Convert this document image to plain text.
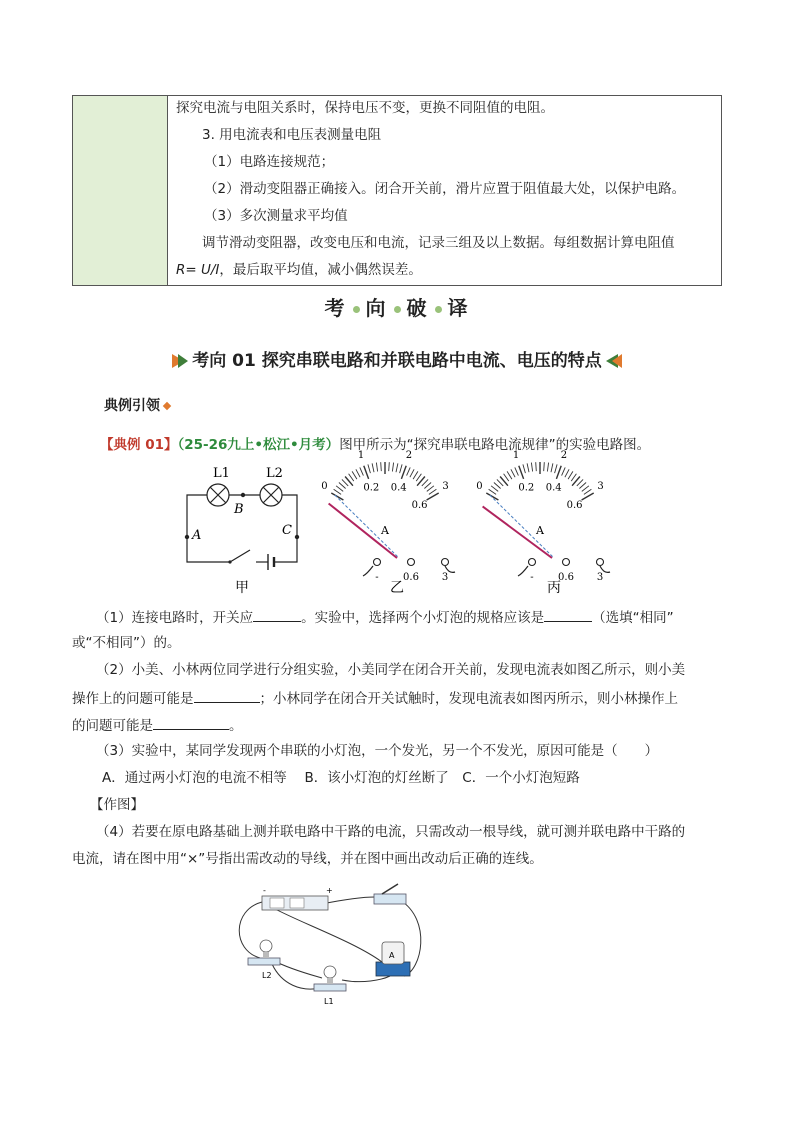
探究电流与电阻关系时，保持电压不变，更换不同阻值的电阻。
3. 用电流表和电压表测量电阻
（1）电路连接规范；
（2）滑动变阻器正确接入。闭合开关前，滑片应置于阻值最大处，以保护电路。
（3）多次测量求平均值
调节滑动变阻器，改变电压和电流，记录三组及以上数据。每组数据计算电阻值
R= U/I，最后取平均值，减小偶然误差。
考 向 破 译
考向 01 探究串联电路和并联电路中电流、电压的特点
典例引领
【典例 01】（25-26九上•松江•月考）图甲所示为“探究串联电路电流规律”的实验电路图。
L1	L2
B
A	C
甲
0
1	2
3
0.2 0.4
0.6
A
- 0.6 3
0
1	2
3
0.2 0.4
0.6
A
- 0.6 3
乙	丙
（1）连接电路时，开关应	。实验中，选择两个小灯泡的规格应该是	（选填“相同”
或“不相同”）的。
（2）小美、小林两位同学进行分组实验，小美同学在闭合开关前，发现电流表如图乙所示，则小美
操作上的问题可能是	；小林同学在闭合开关试触时，发现电流表如图丙所示，则小林操作上
的问题可能是	。
（3）实验中，某同学发现两个串联的小灯泡，一个发光，另一个不发光，原因可能是（　　）
A．通过两小灯泡的电流不相等　 B．该小灯泡的灯丝断了　C．一个小灯泡短路
【作图】
（4）若要在原电路基础上测并联电路中干路的电流，只需改动一根导线，就可测并联电路中干路的
电流，请在图中用“×”号指出需改动的导线，并在图中画出改动后正确的连线。
-	+
L2
L1
A
